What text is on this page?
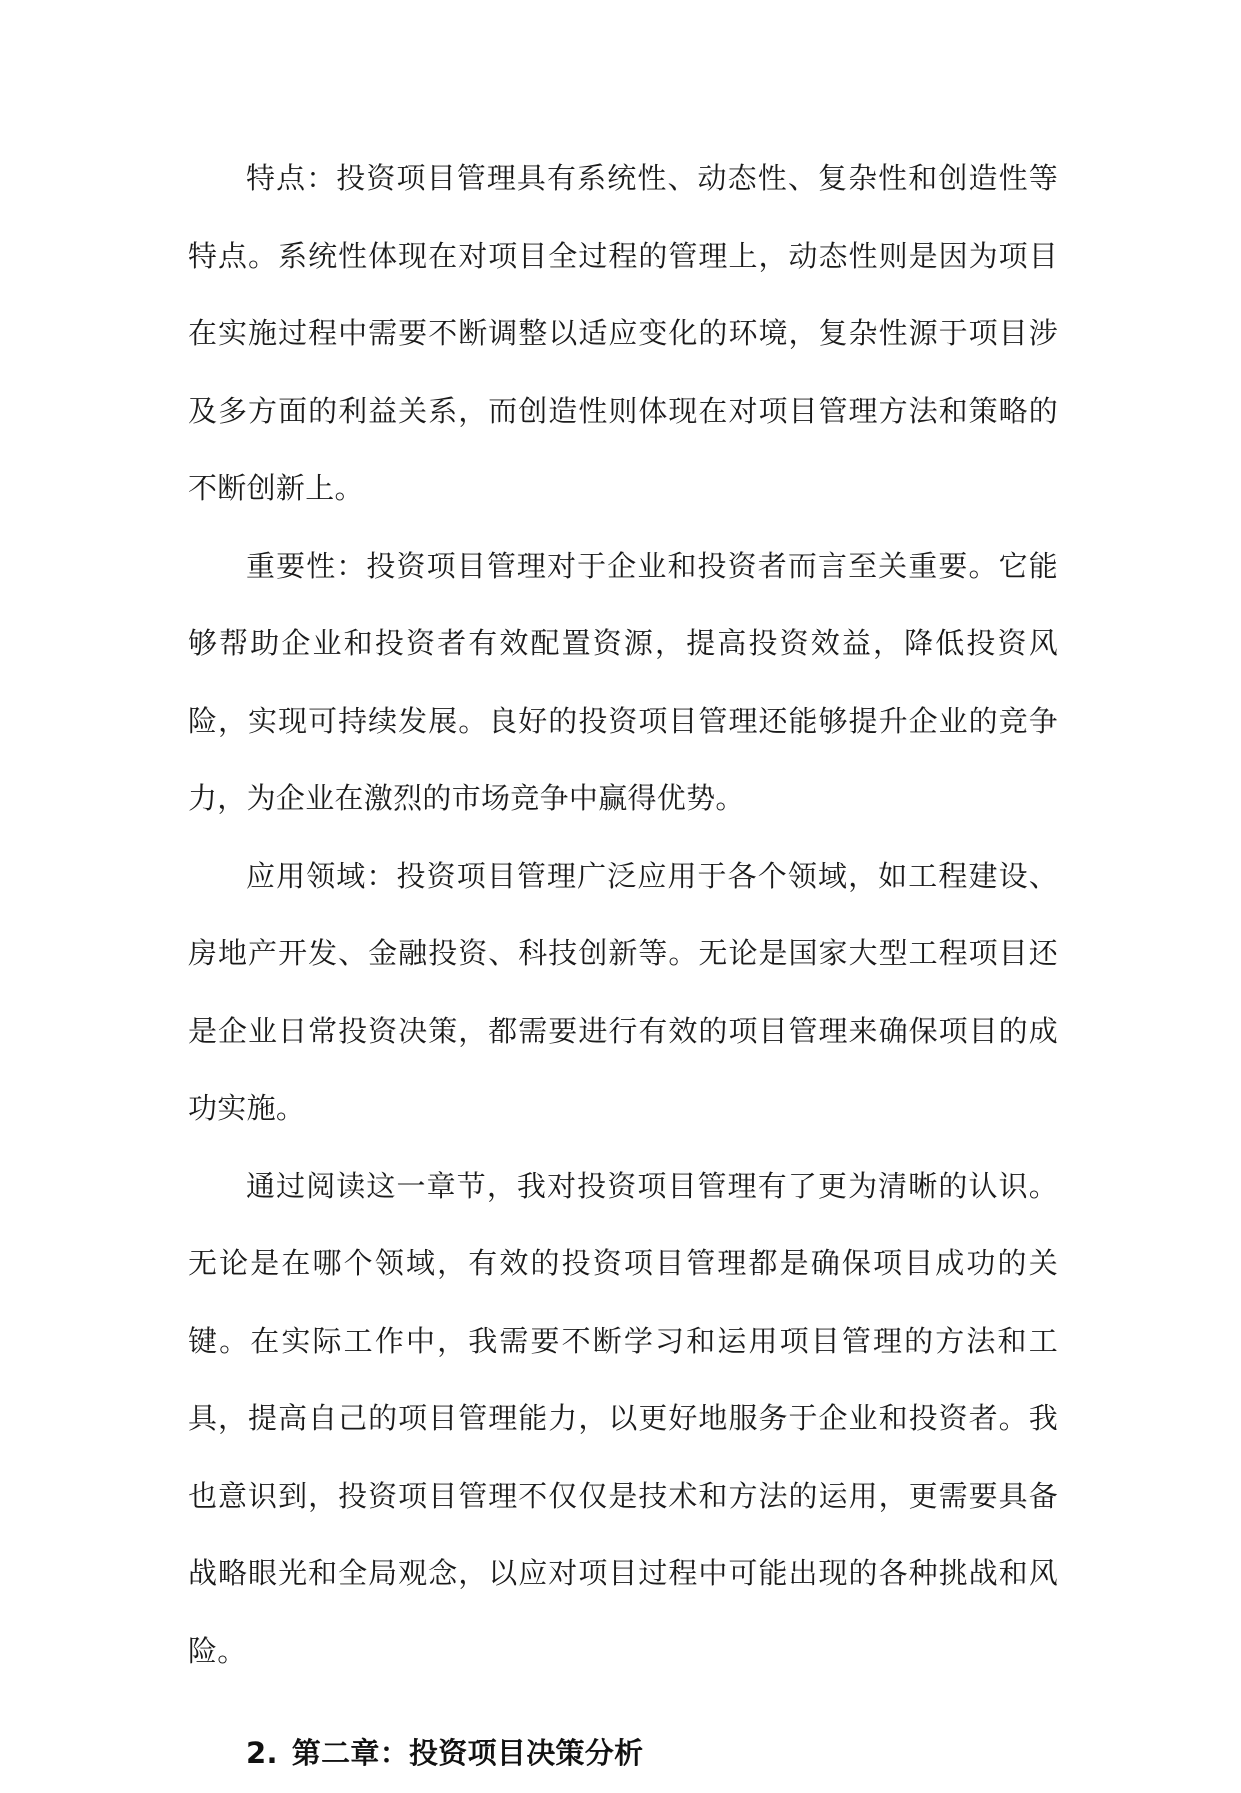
特点：投资项目管理具有系统性、动态性、复杂性和创造性等特点。系统性体现在对项目全过程的管理上，动态性则是因为项目在实施过程中需要不断调整以适应变化的环境，复杂性源于项目涉及多方面的利益关系，而创造性则体现在对项目管理方法和策略的不断创新上。

重要性：投资项目管理对于企业和投资者而言至关重要。它能够帮助企业和投资者有效配置资源，提高投资效益，降低投资风险，实现可持续发展。良好的投资项目管理还能够提升企业的竞争力，为企业在激烈的市场竞争中赢得优势。

应用领域：投资项目管理广泛应用于各个领域，如工程建设、房地产开发、金融投资、科技创新等。无论是国家大型工程项目还是企业日常投资决策，都需要进行有效的项目管理来确保项目的成功实施。

通过阅读这一章节，我对投资项目管理有了更为清晰的认识。无论是在哪个领域，有效的投资项目管理都是确保项目成功的关键。在实际工作中，我需要不断学习和运用项目管理的方法和工具，提高自己的项目管理能力，以更好地服务于企业和投资者。我也意识到，投资项目管理不仅仅是技术和方法的运用，更需要具备战略眼光和全局观念，以应对项目过程中可能出现的各种挑战和风险。

2. 第二章：投资项目决策分析
